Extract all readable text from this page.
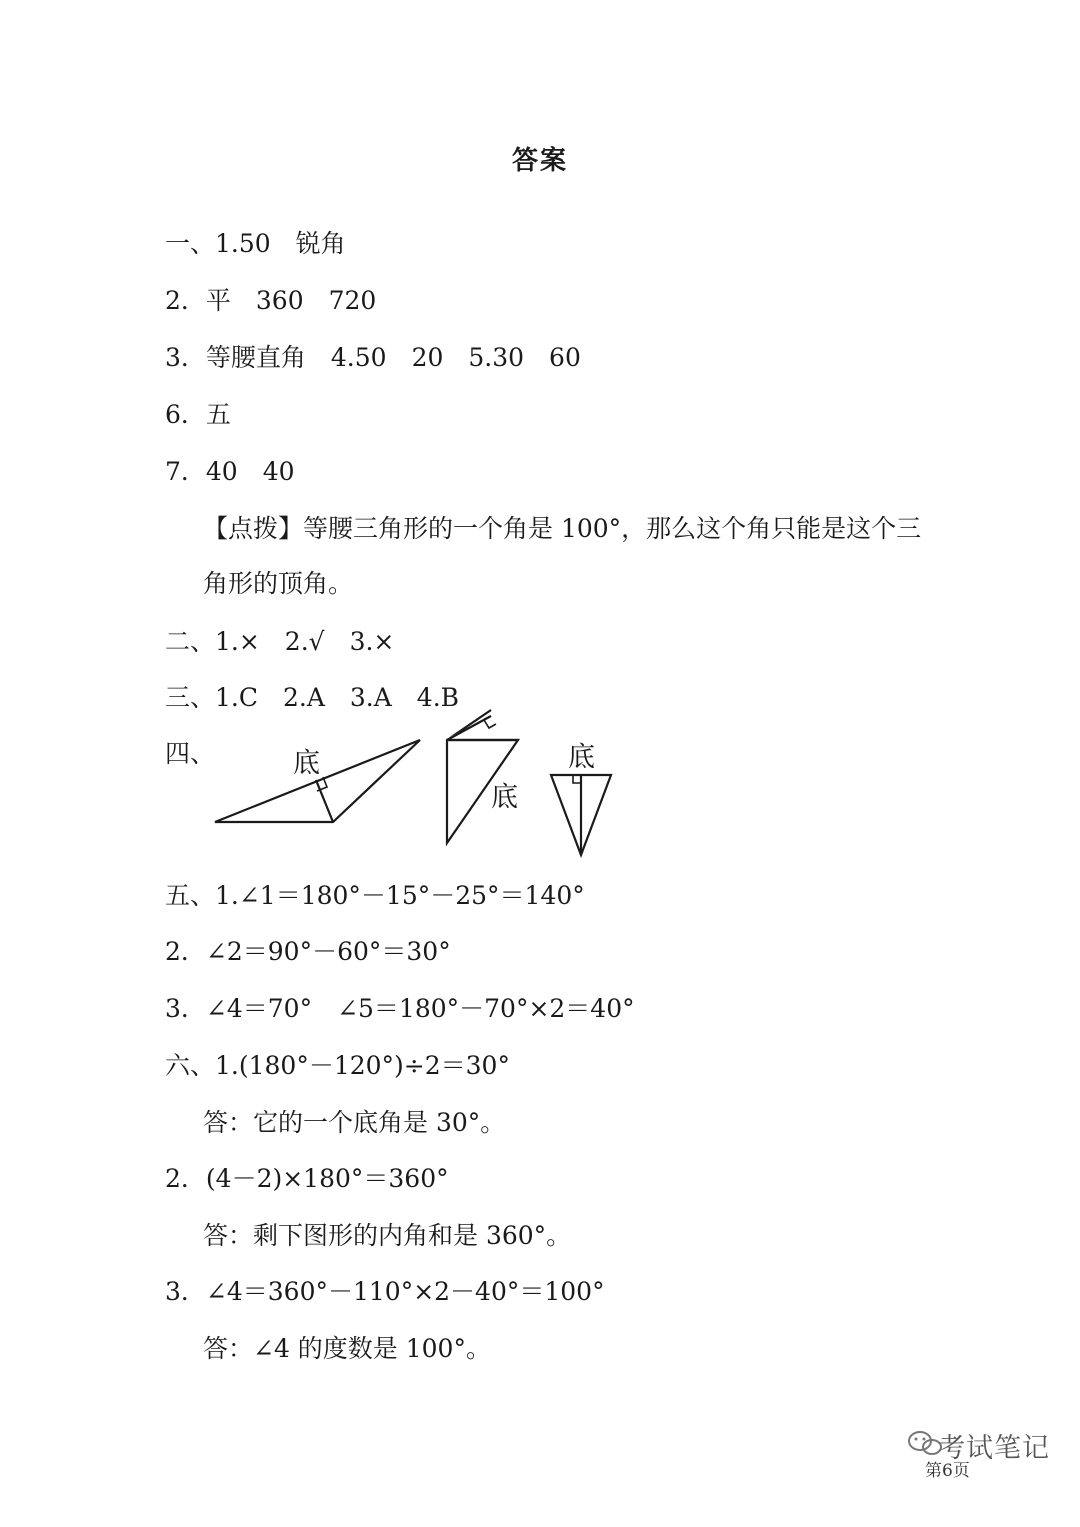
答案
一、1.50　锐角
2．平　360　720
3．等腰直角　4.50　20　5.30　60
6．五
7．40　40
【点拨】等腰三角形的一个角是 100°，那么这个角只能是这个三
角形的顶角。
二、1.×　2.√　3.×
三、1.C　2.A　3.A　4.B
四、	底
底
底
五、1.∠1＝180°－15°－25°＝140°
2．∠2＝90°－60°＝30°
3．∠4＝70°　∠5＝180°－70°×2＝40°
六、1.(180°－120°)÷2＝30°
答：它的一个底角是 30°。
2．(4－2)×180°＝360°
答：剩下图形的内角和是 360°。
3．∠4＝360°－110°×2－40°＝100°
答：∠4 的度数是 100°。
考试笔记
第6页
